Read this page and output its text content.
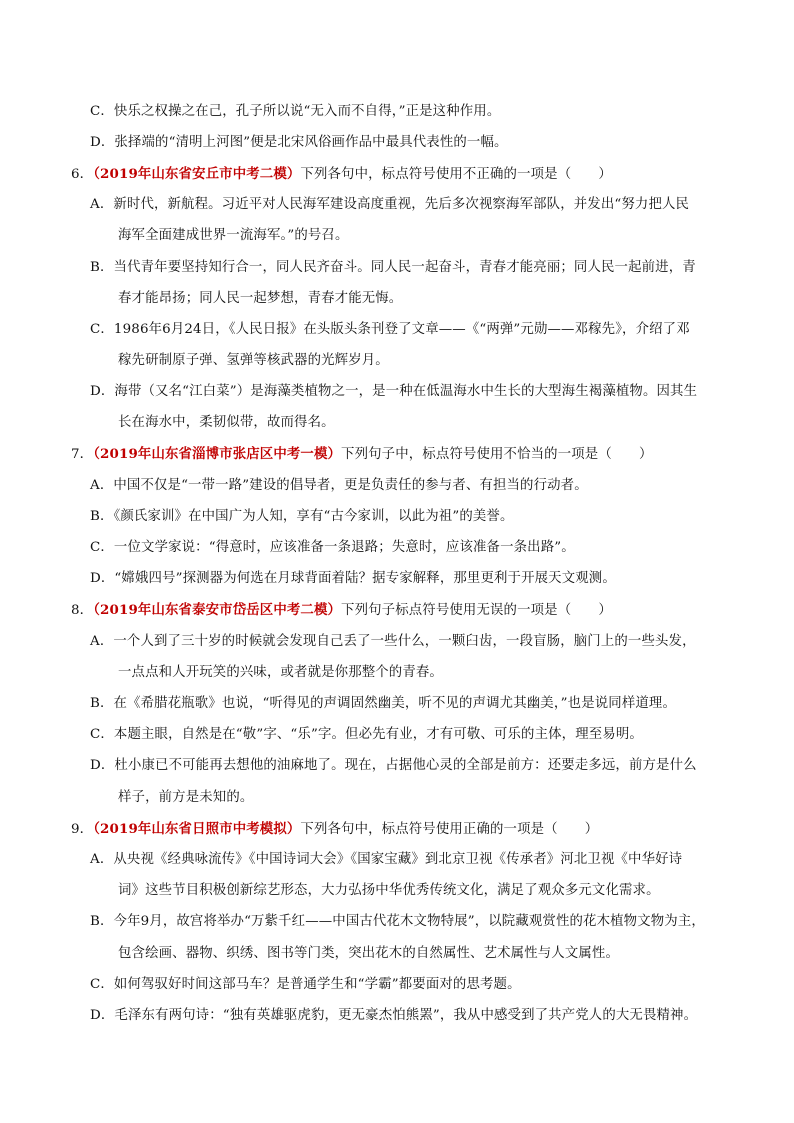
C．快乐之权操之在己，孔子所以说“无入而不自得，”正是这种作用。
D．张择端的“清明上河图”便是北宋风俗画作品中最具代表性的一幅。
6．（2019年山东省安丘市中考二模）下列各句中，标点符号使用不正确的一项是（　　）
A．新时代，新航程。习近平对人民海军建设高度重视，先后多次视察海军部队，并发出“努力把人民
海军全面建成世界一流海军。”的号召。
B．当代青年要坚持知行合一，同人民齐奋斗。同人民一起奋斗，青春才能亮丽；同人民一起前进，青
春才能昂扬；同人民一起梦想，青春才能无悔。
C．1986年6月24日，《人民日报》在头版头条刊登了文章——《“两弹”元勋——邓稼先》，介绍了邓
稼先研制原子弹、氢弹等核武器的光辉岁月。
D．海带（又名“江白菜”）是海藻类植物之一，是一种在低温海水中生长的大型海生褐藻植物。因其生
长在海水中，柔韧似带，故而得名。
7．（2019年山东省淄博市张店区中考一模）下列句子中，标点符号使用不恰当的一项是（　　）
A．中国不仅是“一带一路”建设的倡导者，更是负责任的参与者、有担当的行动者。
B．《颜氏家训》在中国广为人知，享有“古今家训，以此为祖”的美誉。
C．一位文学家说：“得意时，应该准备一条退路；失意时，应该准备一条出路”。
D．“嫦娥四号”探测器为何选在月球背面着陆？据专家解释，那里更利于开展天文观测。
8．（2019年山东省泰安市岱岳区中考二模）下列句子标点符号使用无误的一项是（　　）
A．一个人到了三十岁的时候就会发现自己丢了一些什么，一颗臼齿，一段盲肠，脑门上的一些头发，
一点点和人开玩笑的兴味，或者就是你那整个的青春。
B．在《希腊花瓶歌》也说，“听得见的声调固然幽美，听不见的声调尤其幽美，”也是说同样道理。
C．本题主眼，自然是在“敬”字、“乐”字。但必先有业，才有可敬、可乐的主体，理至易明。
D．杜小康已不可能再去想他的油麻地了。现在，占据他心灵的全部是前方：还要走多远，前方是什么
样子，前方是未知的。
9．（2019年山东省日照市中考模拟）下列各句中，标点符号使用正确的一项是（　　）
A．从央视《经典咏流传》《中国诗词大会》《国家宝藏》到北京卫视《传承者》河北卫视《中华好诗
词》这些节目积极创新综艺形态，大力弘扬中华优秀传统文化，满足了观众多元文化需求。
B．今年9月，故宫将举办“万紫千红——中国古代花木文物特展”，以院藏观赏性的花木植物文物为主，
包含绘画、器物、织绣、图书等门类，突出花木的自然属性、艺术属性与人文属性。
C．如何驾驭好时间这部马车？是普通学生和“学霸”都要面对的思考题。
D．毛泽东有两句诗：“独有英雄驱虎豹，更无豪杰怕熊罴”，我从中感受到了共产党人的大无畏精神。
